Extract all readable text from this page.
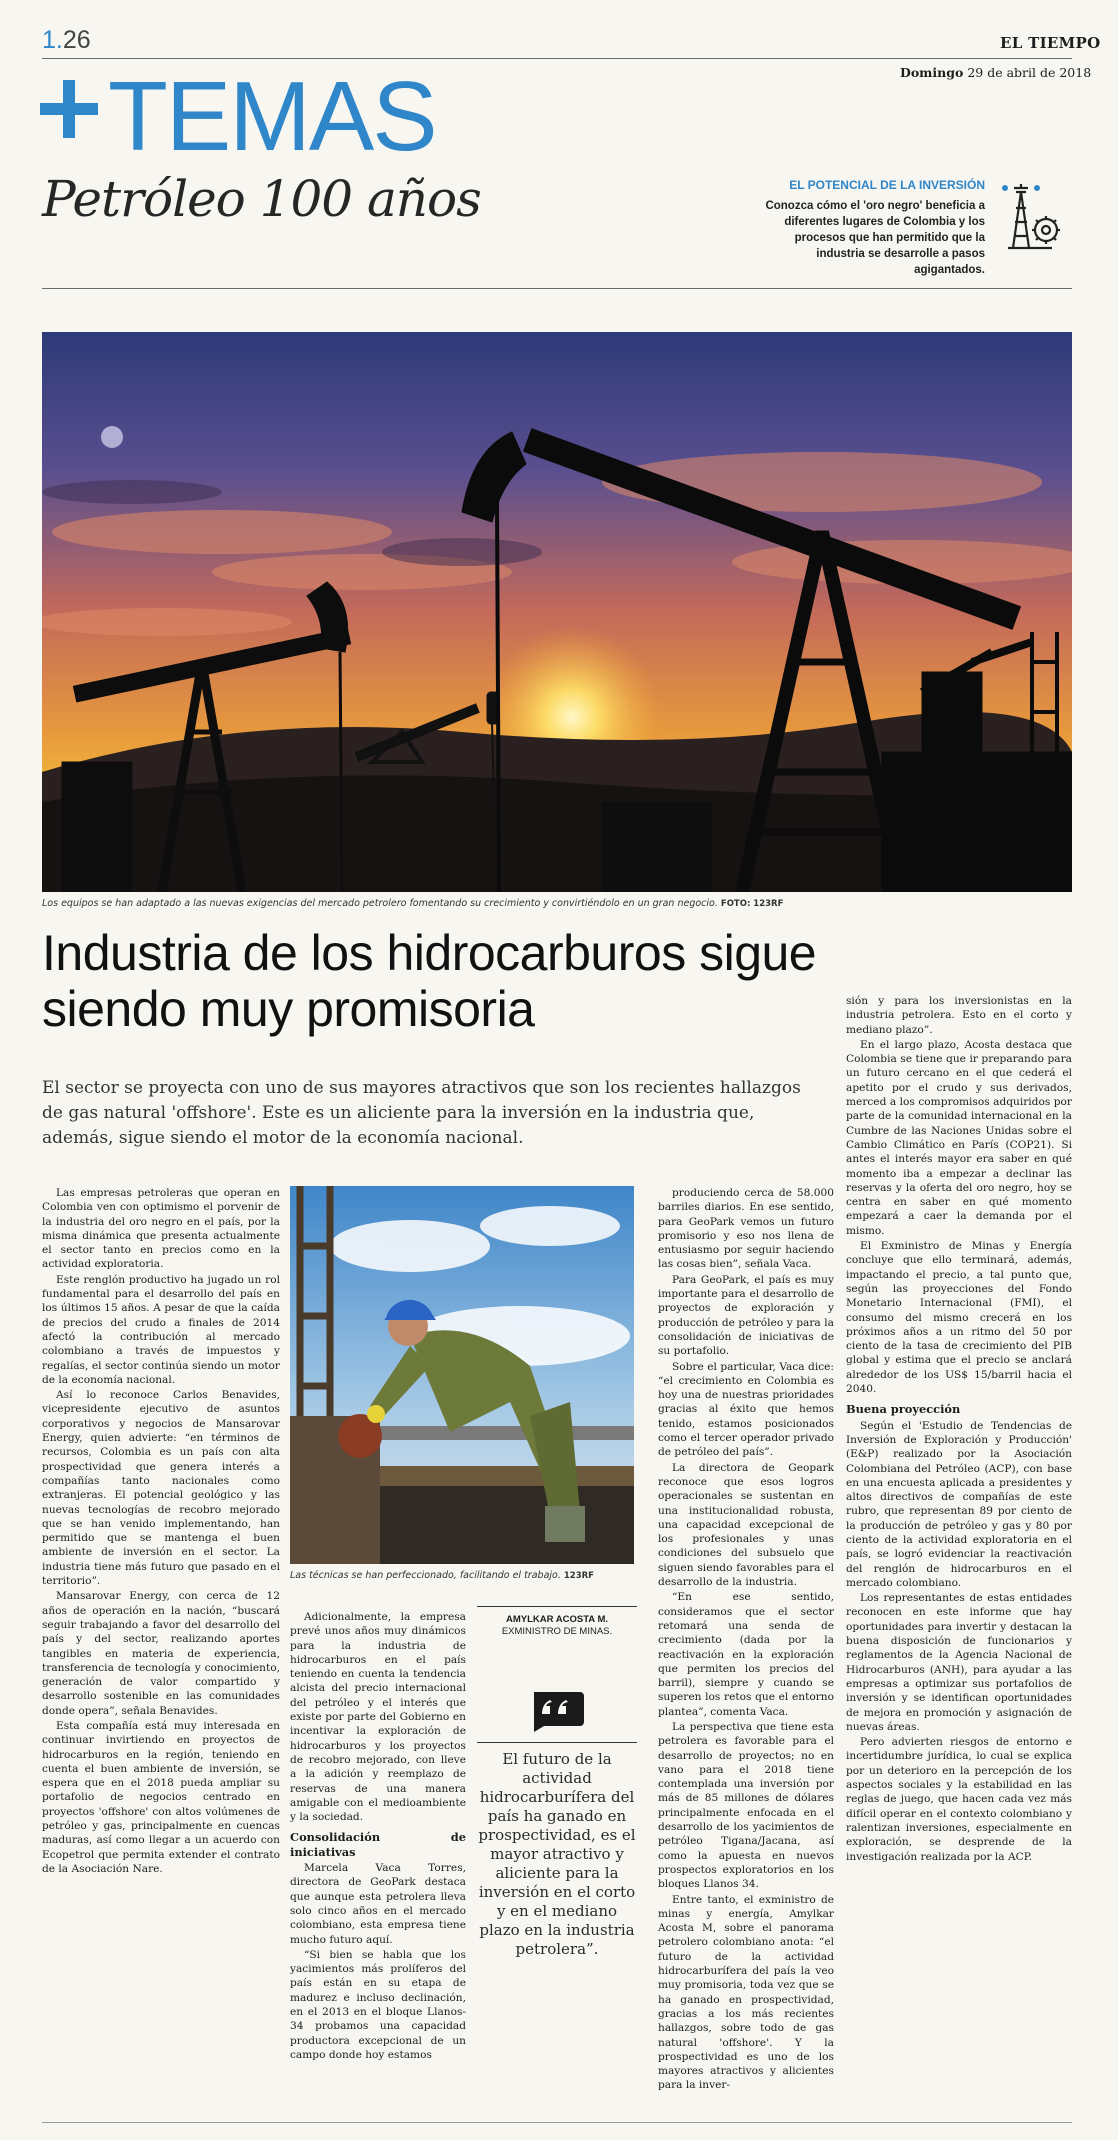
1.26	EL TIEMPO
Domingo 29 de abril de 2018
TEMAS
Petróleo 100 años	EL POTENCIAL DE LA INVERSIÓN
Conozca cómo el 'oro negro' beneficia a diferentes lugares de Colombia y los procesos que han permitido que la industria se desarrolle a pasos agigantados.
Los equipos se han adaptado a las nuevas exigencias del mercado petrolero fomentando su crecimiento y convirtiéndolo en un gran negocio. FOTO: 123RF
Industria de los hidrocarburos sigue siendo muy promisoria

El sector se proyecta con uno de sus mayores atractivos que son los recientes hallazgos de gas natural 'offshore'. Este es un aliciente para la inversión en la industria que, además, sigue siendo el motor de la economía nacional.

Las empresas petroleras que operan en Colombia ven con optimismo el porvenir de la industria del oro negro en el país, por la misma dinámica que presenta actualmente el sector tanto en precios como en la actividad exploratoria.

Este renglón productivo ha jugado un rol fundamental para el desarrollo del país en los últimos 15 años. A pesar de que la caída de precios del crudo a finales de 2014 afectó la contribución al mercado colombiano a través de impuestos y regalías, el sector continúa siendo un motor de la economía nacional.

Así lo reconoce Carlos Benavides, vicepresidente ejecutivo de asuntos corporativos y negocios de Mansarovar Energy, quien advierte: “en términos de recursos, Colombia es un país con alta prospectividad que genera interés a compañías tanto nacionales como extranjeras. El potencial geológico y las nuevas tecnologías de recobro mejorado que se han venido implementando, han permitido que se mantenga el buen ambiente de inversión en el sector. La industria tiene más futuro que pasado en el territorio”.

Mansarovar Energy, con cerca de 12 años de operación en la nación, “buscará seguir trabajando a favor del desarrollo del país y del sector, realizando aportes tangibles en materia de experiencia, transferencia de tecnología y conocimiento, generación de valor compartido y desarrollo sostenible en las comunidades donde opera”, señala Benavides.

Esta compañía está muy interesada en continuar invirtiendo en proyectos de hidrocarburos en la región, teniendo en cuenta el buen ambiente de inversión, se espera que en el 2018 pueda ampliar su portafolio de negocios centrado en proyectos 'offshore' con altos volúmenes de petróleo y gas, principalmente en cuencas maduras, así como llegar a un acuerdo con Ecopetrol que permita extender el contrato de la Asociación Nare.

Las técnicas se han perfeccionado, facilitando el trabajo. 123RF

Adicionalmente, la empresa prevé unos años muy dinámicos para la industria de hidrocarburos en el país teniendo en cuenta la tendencia alcista del precio internacional del petróleo y el interés que existe por parte del Gobierno en incentivar la exploración de hidrocarburos y los proyectos de recobro mejorado, con lleve a la adición y reemplazo de reservas de una manera amigable con el medioambiente y la sociedad.

Consolidación de iniciativas

Marcela Vaca Torres, directora de GeoPark destaca que aunque esta petrolera lleva solo cinco años en el mercado colombiano, esta empresa tiene mucho futuro aquí.

“Si bien se habla que los yacimientos más prolíferos del país están en su etapa de madurez e incluso declinación, en el 2013 en el bloque Llanos-34 probamos una capacidad productora excepcional de un campo donde hoy estamos

AMYLKAR ACOSTA M.
EXMINISTRO DE MINAS.
El futuro de la actividad hidrocarburífera del país ha ganado en prospectividad, es el mayor atractivo y aliciente para la inversión en el corto y en el mediano plazo en la industria petrolera”.

produciendo cerca de 58.000 barriles diarios. En ese sentido, para GeoPark vemos un futuro promisorio y eso nos llena de entusiasmo por seguir haciendo las cosas bien”, señala Vaca.

Para GeoPark, el país es muy importante para el desarrollo de proyectos de exploración y producción de petróleo y para la consolidación de iniciativas de su portafolio.

Sobre el particular, Vaca dice: “el crecimiento en Colombia es hoy una de nuestras prioridades gracias al éxito que hemos tenido, estamos posicionados como el tercer operador privado de petróleo del país”.

La directora de Geopark reconoce que esos logros operacionales se sustentan en una institucionalidad robusta, una capacidad excepcional de los profesionales y unas condiciones del subsuelo que siguen siendo favorables para el desarrollo de la industria.

“En ese sentido, consideramos que el sector retomará una senda de crecimiento (dada por la reactivación en la exploración que permiten los precios del barril), siempre y cuando se superen los retos que el entorno plantea”, comenta Vaca.

La perspectiva que tiene esta petrolera es favorable para el desarrollo de proyectos; no en vano para el 2018 tiene contemplada una inversión por más de 85 millones de dólares principalmente enfocada en el desarrollo de los yacimientos de petróleo Tigana/Jacana, así como la apuesta en nuevos prospectos exploratorios en los bloques Llanos 34.

Entre tanto, el exministro de minas y energía, Amylkar Acosta M, sobre el panorama petrolero colombiano anota: “el futuro de la actividad hidrocarburífera del país la veo muy promisoria, toda vez que se ha ganado en prospectividad, gracias a los más recientes hallazgos, sobre todo de gas natural 'offshore'. Y la prospectividad es uno de los mayores atractivos y alicientes para la inver-

sión y para los inversionistas en la industria petrolera. Esto en el corto y mediano plazo”.

En el largo plazo, Acosta destaca que Colombia se tiene que ir preparando para un futuro cercano en el que cederá el apetito por el crudo y sus derivados, merced a los compromisos adquiridos por parte de la comunidad internacional en la Cumbre de las Naciones Unidas sobre el Cambio Climático en París (COP21). Si antes el interés mayor era saber en qué momento iba a empezar a declinar las reservas y la oferta del oro negro, hoy se centra en saber en qué momento empezará a caer la demanda por el mismo.

El Exministro de Minas y Energía concluye que ello terminará, además, impactando el precio, a tal punto que, según las proyecciones del Fondo Monetario Internacional (FMI), el consumo del mismo crecerá en los próximos años a un ritmo del 50 por ciento de la tasa de crecimiento del PIB global y estima que el precio se anclará alrededor de los US$ 15/barril hacia el 2040.

Buena proyección

Según el 'Estudio de Tendencias de Inversión de Exploración y Producción' (E&P) realizado por la Asociación Colombiana del Petróleo (ACP), con base en una encuesta aplicada a presidentes y altos directivos de compañías de este rubro, que representan 89 por ciento de la producción de petróleo y gas y 80 por ciento de la actividad exploratoria en el país, se logró evidenciar la reactivación del renglón de hidrocarburos en el mercado colombiano.

Los representantes de estas entidades reconocen en este informe que hay oportunidades para invertir y destacan la buena disposición de funcionarios y reglamentos de la Agencia Nacional de Hidrocarburos (ANH), para ayudar a las empresas a optimizar sus portafolios de inversión y se identifican oportunidades de mejora en promoción y asignación de nuevas áreas.

Pero advierten riesgos de entorno e incertidumbre jurídica, lo cual se explica por un deterioro en la percepción de los aspectos sociales y la estabilidad en las reglas de juego, que hacen cada vez más difícil operar en el contexto colombiano y ralentizan inversiones, especialmente en exploración, se desprende de la investigación realizada por la ACP.
